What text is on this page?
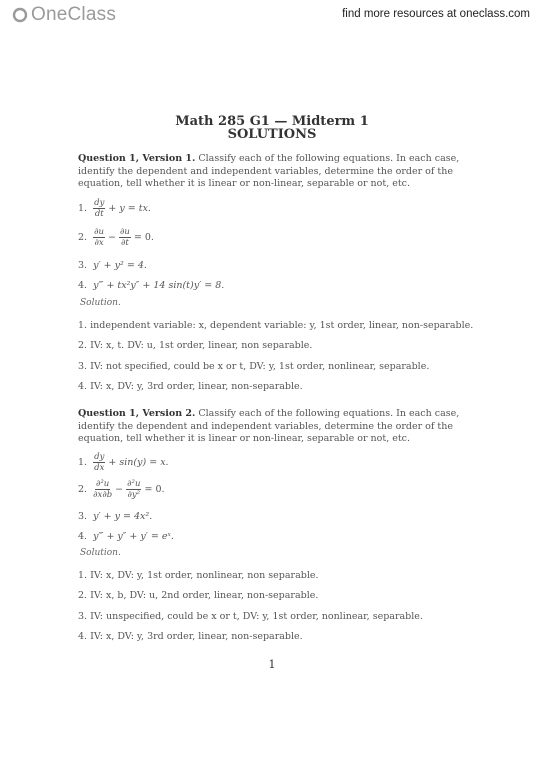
OneClass	find more resources at oneclass.com
Math 285 G1 — Midterm 1
SOLUTIONS
Question 1, Version 1. Classify each of the following equations. In each case, identify the dependent and independent variables, determine the order of the equation, tell whether it is linear or non-linear, separable or not, etc.
1. $\frac{dy}{dt} + y$ = tx.
2. $\frac{\partial u}{\partial x} - \frac{\partial u}{\partial t} = 0$.
3. y′ + y² = 4.
4. y‴ + tx²y″ + 14 sin(t)y′ = 8.
Solution.
1. independent variable: x, dependent variable: y, 1st order, linear, non-separable.
2. IV: x, t. DV: u, 1st order, linear, non separable.
3. IV: not specified, could be x or t, DV: y, 1st order, nonlinear, separable.
4. IV: x, DV: y, 3rd order, linear, non-separable.
Question 1, Version 2. Classify each of the following equations. In each case, identify the dependent and independent variables, determine the order of the equation, tell whether it is linear or non-linear, separable or not, etc.
1. $\frac{dy}{dx} + \sin(y) = x$.
2. $\frac{\text{∂²u}}{\partial x\partial b} - \frac{\text{∂²u}}{\text{∂y²}} = 0$.
3. y′ + y = 4x².
4. y‴ + y″ + y′ = eˣ.
Solution.
1. IV: x, DV: y, 1st order, nonlinear, non separable.
2. IV: x, b, DV: u, 2nd order, linear, non-separable.
3. IV: unspecified, could be x or t, DV: y, 1st order, nonlinear, separable.
4. IV: x, DV: y, 3rd order, linear, non-separable.
1
